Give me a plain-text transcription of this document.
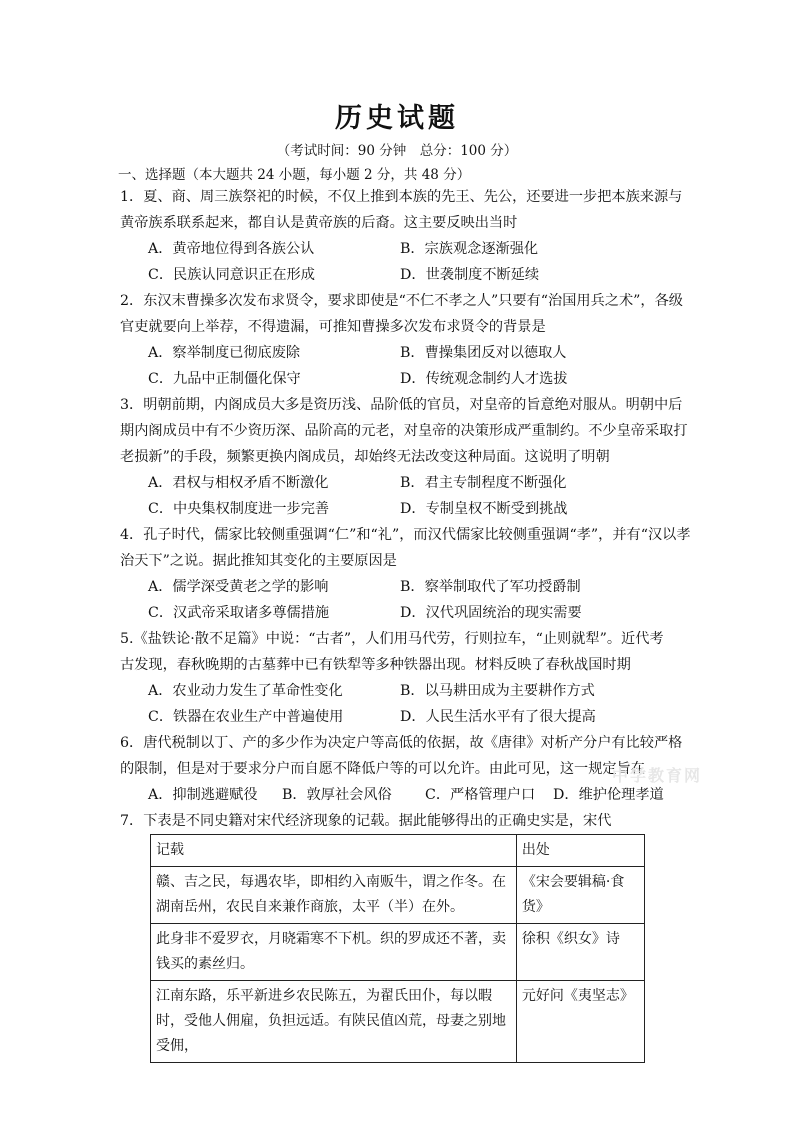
历史试题
（考试时间：90 分钟　总分：100 分）
一、选择题（本大题共 24 小题，每小题 2 分，共 48 分）
1．夏、商、周三族祭祀的时候，不仅上推到本族的先王、先公，还要进一步把本族来源与
黄帝族系联系起来，都自认是黄帝族的后裔。这主要反映出当时
A．黄帝地位得到各族公认	B．宗族观念逐渐强化
C．民族认同意识正在形成	D．世袭制度不断延续
2．东汉末曹操多次发布求贤令，要求即使是“不仁不孝之人”只要有“治国用兵之术”，各级
官吏就要向上举荐，不得遗漏，可推知曹操多次发布求贤令的背景是
A．察举制度已彻底废除	B．曹操集团反对以德取人
C．九品中正制僵化保守	D．传统观念制约人才选拔
3．明朝前期，内阁成员大多是资历浅、品阶低的官员，对皇帝的旨意绝对服从。明朝中后
期内阁成员中有不少资历深、品阶高的元老，对皇帝的决策形成严重制约。不少皇帝采取打
老损新”的手段，频繁更换内阁成员，却始终无法改变这种局面。这说明了明朝
A．君权与相权矛盾不断激化	B．君主专制程度不断强化
C．中央集权制度进一步完善	D．专制皇权不断受到挑战
4．孔子时代，儒家比较侧重强调“仁”和“礼”，而汉代儒家比较侧重强调“孝”，并有“汉以孝
治天下”之说。据此推知其变化的主要原因是
A．儒学深受黄老之学的影响	B．察举制取代了军功授爵制
C．汉武帝采取诸多尊儒措施	D．汉代巩固统治的现实需要
5.《盐铁论·散不足篇》中说：“古者”，人们用马代劳，行则拉车，“止则就犁”。近代考
古发现，春秋晚期的古墓葬中已有铁犁等多种铁器出现。材料反映了春秋战国时期
A．农业动力发生了革命性变化	B．以马耕田成为主要耕作方式
C．铁器在农业生产中普遍使用	D．人民生活水平有了很大提高
6．唐代税制以丁、产的多少作为决定户等高低的依据，故《唐律》对析产分户有比较严格
的限制，但是对于要求分户而自愿不降低户等的可以允许。由此可见，这一规定旨在
A．抑制逃避赋役 B．敦厚社会风俗 C．严格管理户口 D．维护伦理孝道
中学教育网
7．下表是不同史籍对宋代经济现象的记载。据此能够得出的正确史实是，宋代
记载	出处
赣、吉之民，每遇农毕，即相约入南贩牛，谓之作冬。在湖南岳州，农民自来兼作商旅，太平（半）在外。	《宋会要辑稿·食货》
此身非不爱罗衣，月晓霜寒不下机。织的罗成还不著，卖钱买的素丝归。	徐积《织女》诗
江南东路，乐平新进乡农民陈五，为翟氏田仆，每以暇时，受他人佣雇，负担远适。有陕民值凶荒，母妻之别地受佣，	元好问《夷坚志》
